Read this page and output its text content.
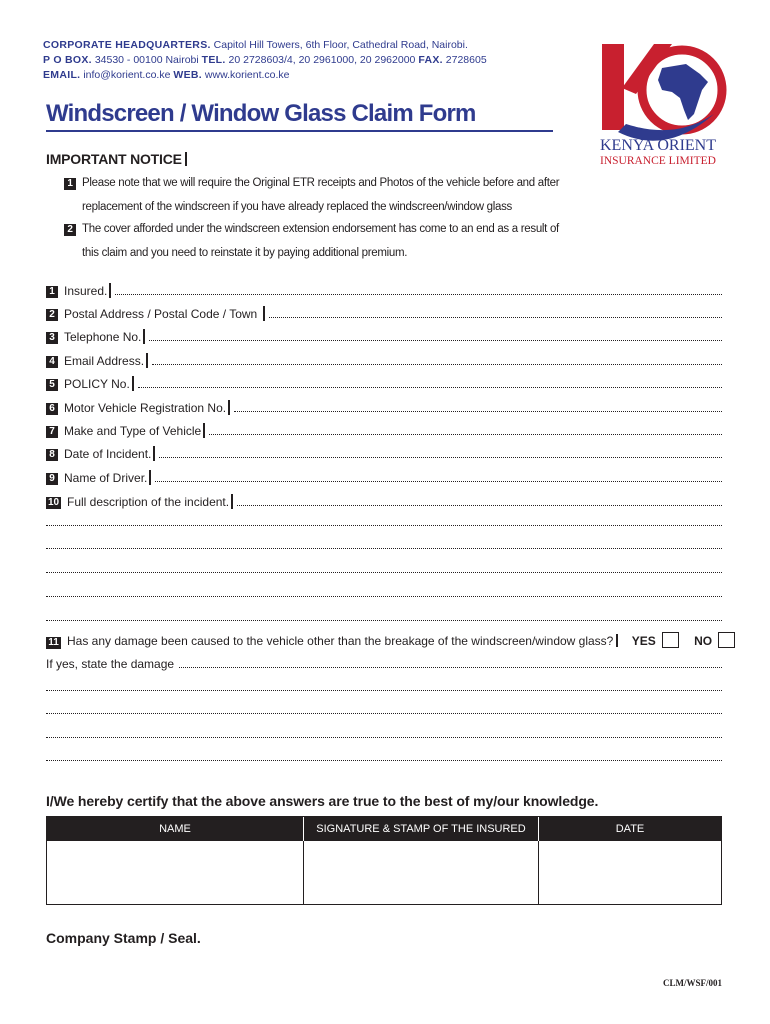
CORPORATE HEADQUARTERS. Capitol Hill Towers, 6th Floor, Cathedral Road, Nairobi.
P O BOX. 34530 - 00100 Nairobi TEL. 20 2728603/4, 20 2961000, 20 2962000 FAX. 2728605
EMAIL. info@korient.co.ke WEB. www.korient.co.ke
KENYA ORIENT
INSURANCE LIMITED
Windscreen / Window Glass Claim Form
IMPORTANT NOTICE
1 Please note that we will require the Original ETR receipts and Photos of the vehicle before and after
replacement of the windscreen if you have already replaced the windscreen/window glass
2 The cover afforded under the windscreen extension endorsement has come to an end as a result of
this claim and you need to reinstate it by paying additional premium.
1 Insured.
2 Postal Address / Postal Code / Town
3 Telephone No.
4 Email Address.
5 POLICY No.
6 Motor Vehicle Registration No.
7 Make and Type of Vehicle
8 Date of Incident.
9 Name of Driver.
10 Full description of the incident.
11 Has any damage been caused to the vehicle other than the breakage of the windscreen/window glass? YES	NO
If yes, state the damage
I/We hereby certify that the above answers are true to the best of my/our knowledge.
NAME	SIGNATURE & STAMP OF THE INSURED	DATE
Company Stamp / Seal.
CLM/WSF/001
